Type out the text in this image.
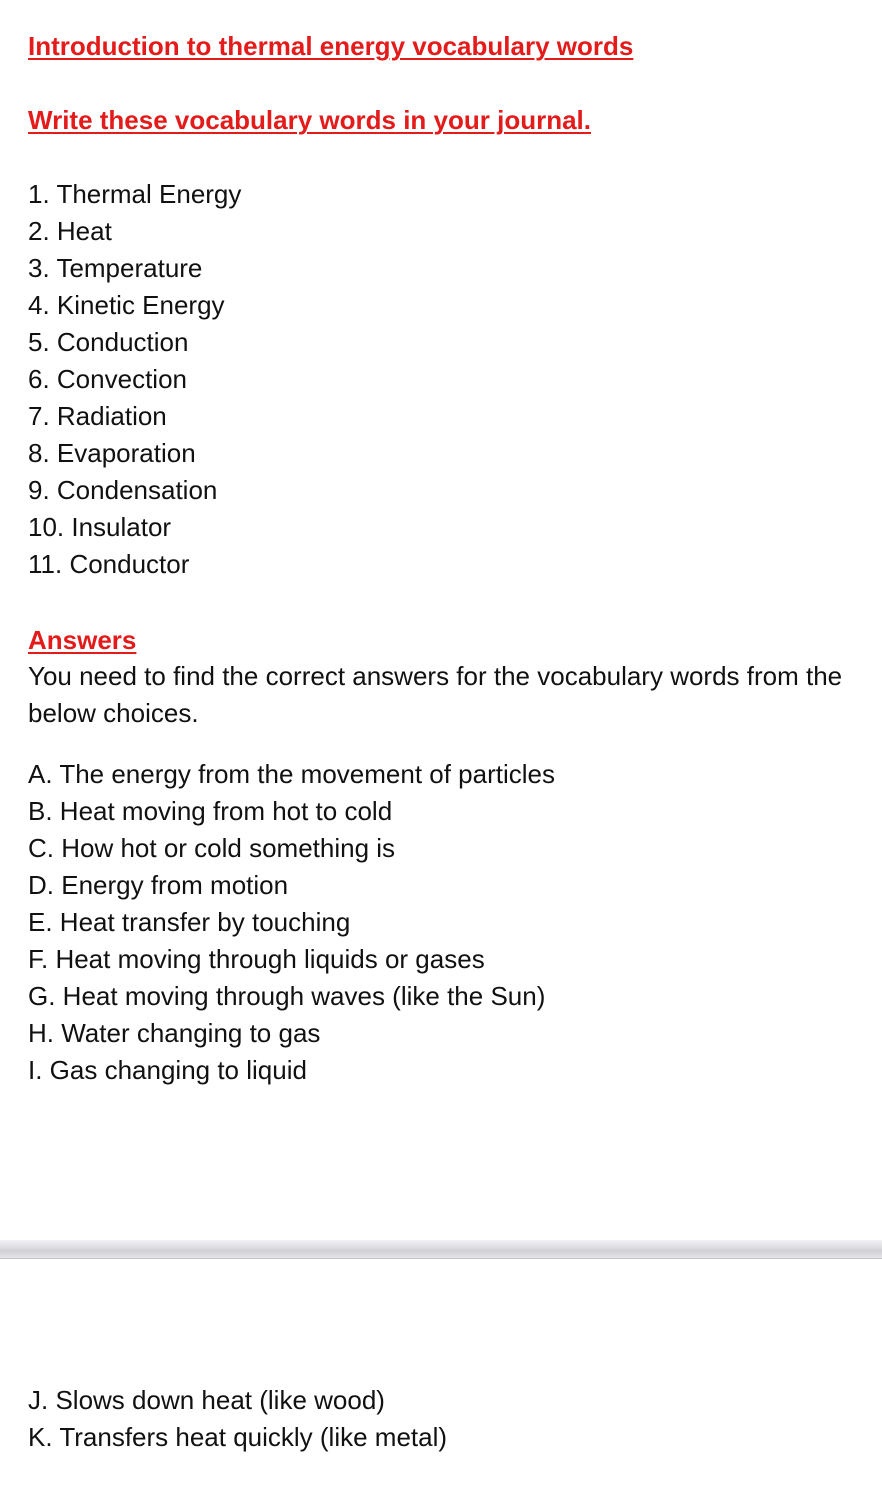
Introduction to thermal energy vocabulary words
Write these vocabulary words in your journal.
1. Thermal Energy
2. Heat
3. Temperature
4. Kinetic Energy
5. Conduction
6. Convection
7. Radiation
8. Evaporation
9. Condensation
10. Insulator
11. Conductor
Answers
You need to find the correct answers for the vocabulary words from the below choices.
A. The energy from the movement of particles
B. Heat moving from hot to cold
C. How hot or cold something is
D. Energy from motion
E. Heat transfer by touching
F. Heat moving through liquids or gases
G. Heat moving through waves (like the Sun)
H. Water changing to gas
I. Gas changing to liquid
J. Slows down heat (like wood)
K. Transfers heat quickly (like metal)
